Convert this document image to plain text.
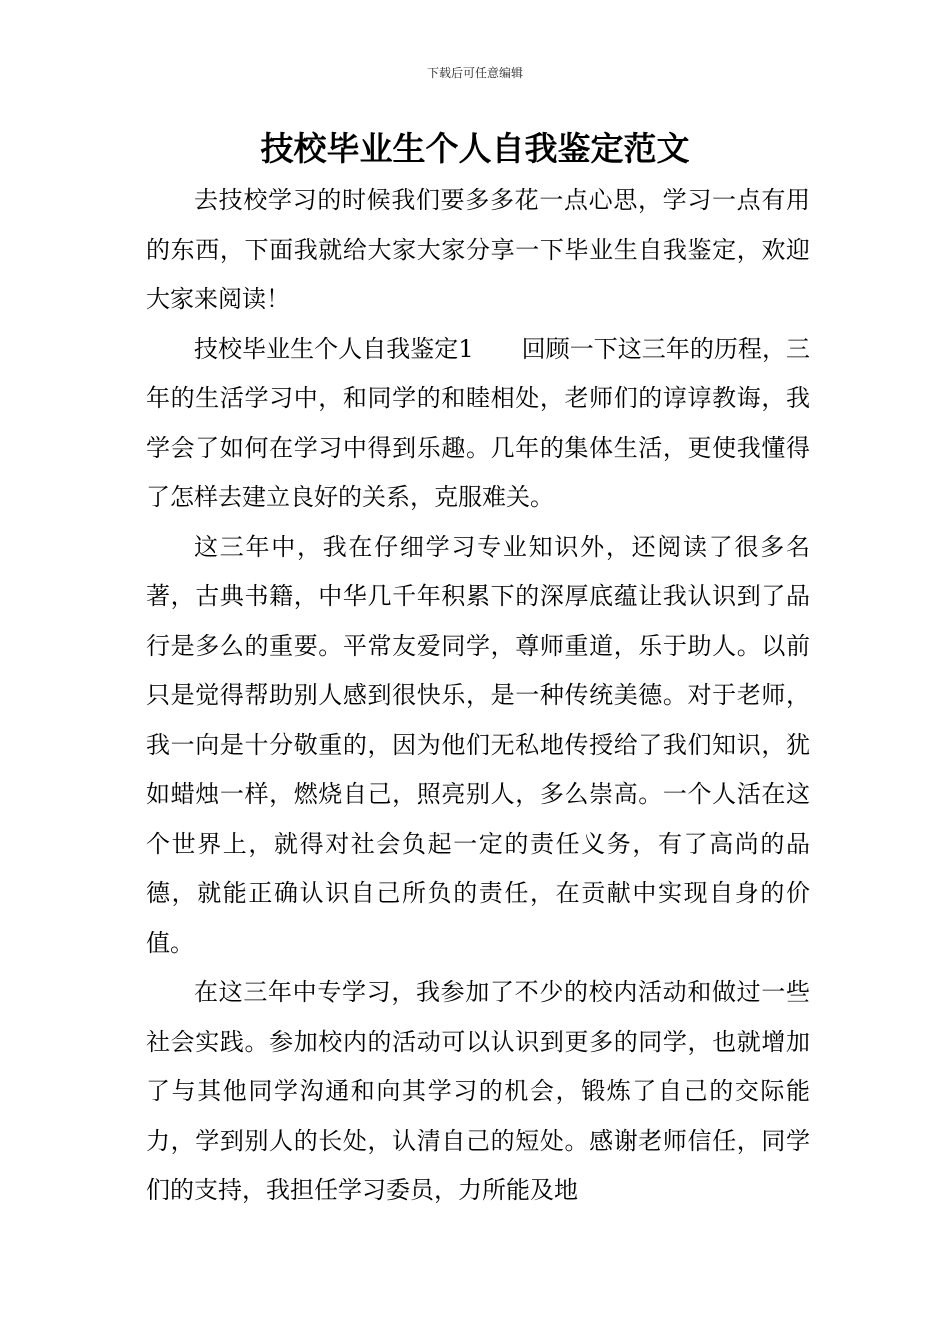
下载后可任意编辑
技校毕业生个人自我鉴定范文

去技校学习的时候我们要多多花一点心思，学习一点有用的东西，下面我就给大家大家分享一下毕业生自我鉴定，欢迎大家来阅读！

技校毕业生个人自我鉴定1 回顾一下这三年的历程，三年的生活学习中，和同学的和睦相处，老师们的谆谆教诲，我学会了如何在学习中得到乐趣。几年的集体生活，更使我懂得了怎样去建立良好的关系，克服难关。

这三年中，我在仔细学习专业知识外，还阅读了很多名著，古典书籍，中华几千年积累下的深厚底蕴让我认识到了品行是多么的重要。平常友爱同学，尊师重道，乐于助人。以前只是觉得帮助别人感到很快乐，是一种传统美德。对于老师，我一向是十分敬重的，因为他们无私地传授给了我们知识，犹如蜡烛一样，燃烧自己，照亮别人，多么崇高。一个人活在这个世界上，就得对社会负起一定的责任义务，有了高尚的品德，就能正确认识自己所负的责任，在贡献中实现自身的价值。

在这三年中专学习，我参加了不少的校内活动和做过一些社会实践。参加校内的活动可以认识到更多的同学，也就增加了与其他同学沟通和向其学习的机会，锻炼了自己的交际能力，学到别人的长处，认清自己的短处。感谢老师信任，同学们的支持，我担任学习委员，力所能及地
